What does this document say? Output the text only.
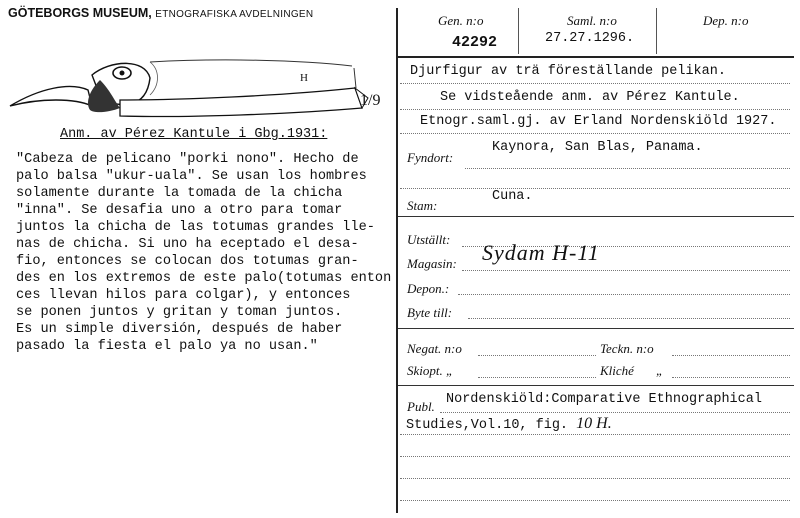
GÖTEBORGS MUSEUM, ETNOGRAFISKA AVDELNINGEN
H
1/9
Anm. av Pérez Kantule i Gbg.1931:
"Cabeza de pelicano "porki nono". Hecho de
palo balsa "ukur-uala". Se usan los hombres
solamente durante la tomada de la chicha
"inna". Se desafia uno a otro para tomar
juntos la chicha de las totumas grandes lle-
nas de chicha. Si uno ha eceptado el desa-
fio, entonces se colocan dos totumas gran-
des en los extremos de este palo(totumas enton
ces llevan hilos para colgar), y entonces
se ponen juntos y gritan y toman juntos.
Es un simple diversión, después de haber
pasado la fiesta el palo ya no usan."
Gen. n:o
42292
Saml. n:o
27.27.1296.
Dep. n:o
Djurfigur av trä föreställande pelikan.
Se vidsteående anm. av Pérez Kantule.
Etnogr.saml.gj. av Erland Nordenskiöld 1927.
Fyndort:
Kaynora, San Blas, Panama.
Stam:
Cuna.
Utställt:
Magasin: Sydam H-11
Depon.:
Byte till:
Negat. n:o	Teckn. n:o
Skiopt. „	Kliché „
Publ. Nordenskiöld:Comparative Ethnographical
Studies,Vol.10, fig. 10 H.
